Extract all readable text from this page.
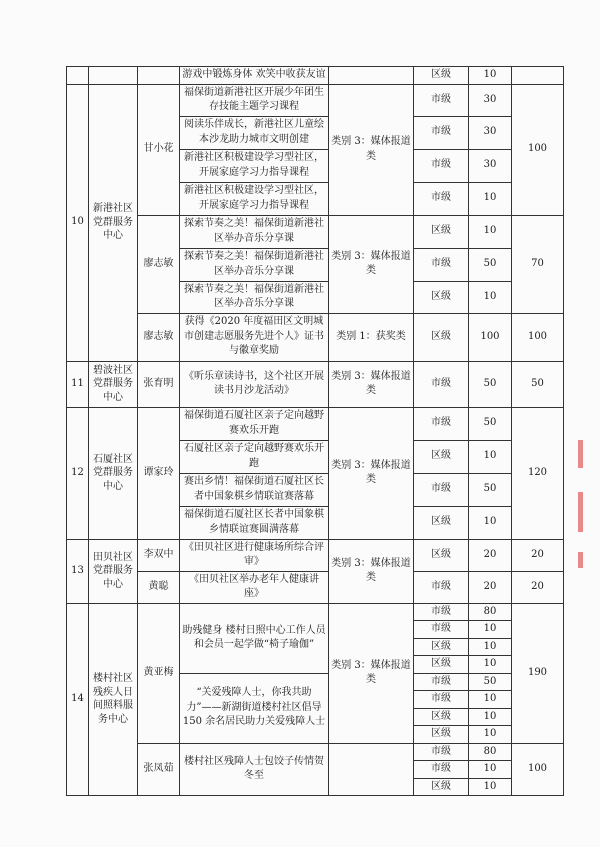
			游戏中锻炼身体 欢笑中收获友谊		区级	10	
10	新港社区党群服务中心	甘小花	福保街道新港社区开展少年团生存技能主题学习课程	类别 3：媒体报道类	市级	30	100
			阅读乐伴成长，新港社区儿童绘本沙龙助力城市文明创建		市级	30	
			新港社区积极建设学习型社区，开展家庭学习力指导课程		市级	30	
			新港社区积极建设学习型社区，开展家庭学习力指导课程		市级	10	
		廖志敏	探索节奏之美！福保街道新港社区举办音乐分享课	类别 3：媒体报道类	区级	10	70
			探索节奏之美！福保街道新港社区举办音乐分享课		市级	50	
			探索节奏之美！福保街道新港社区举办音乐分享课		区级	10	
		廖志敏	获得《2020 年度福田区文明城市创建志愿服务先进个人》证书与徽章奖励	类别 1：获奖类	区级	100	100
11	碧波社区党群服务中心	张育明	《听乐章读诗书，这个社区开展读书月沙龙活动》	类别 3：媒体报道类	市级	50	50
12	石厦社区党群服务中心	谭家玲	福保街道石厦社区亲子定向越野赛欢乐开跑	类别 3：媒体报道类	市级	50	120
			石厦社区亲子定向越野赛欢乐开跑		区级	10	
			赛出乡情！福保街道石厦社区长者中国象棋乡情联谊赛落幕		市级	50	
			福保街道石厦社区长者中国象棋乡情联谊赛圆满落幕		区级	10	
13	田贝社区党群服务中心	李双中	《田贝社区进行健康场所综合评审》	类别 3：媒体报道类	区级	20	20
		黄聪	《田贝社区举办老年人健康讲座》		市级	20	20
14	楼村社区残疾人日间照料服务中心	黄亚梅	助残健身 楼村日照中心工作人员和会员一起学做“椅子瑜伽”	类别 3：媒体报道类	市级	80	190
					市级	10	
					区级	10	
					区级	10	
			“关爱残障人士，你我共助力”——新湖街道楼村社区倡导 150 余名居民助力关爱残障人士		市级	50	
					市级	10	
					区级	10	
					区级	10	
		张凤茹	楼村社区残障人士包饺子传情贺冬至		市级	80	100
					市级	10	
					区级	10	
